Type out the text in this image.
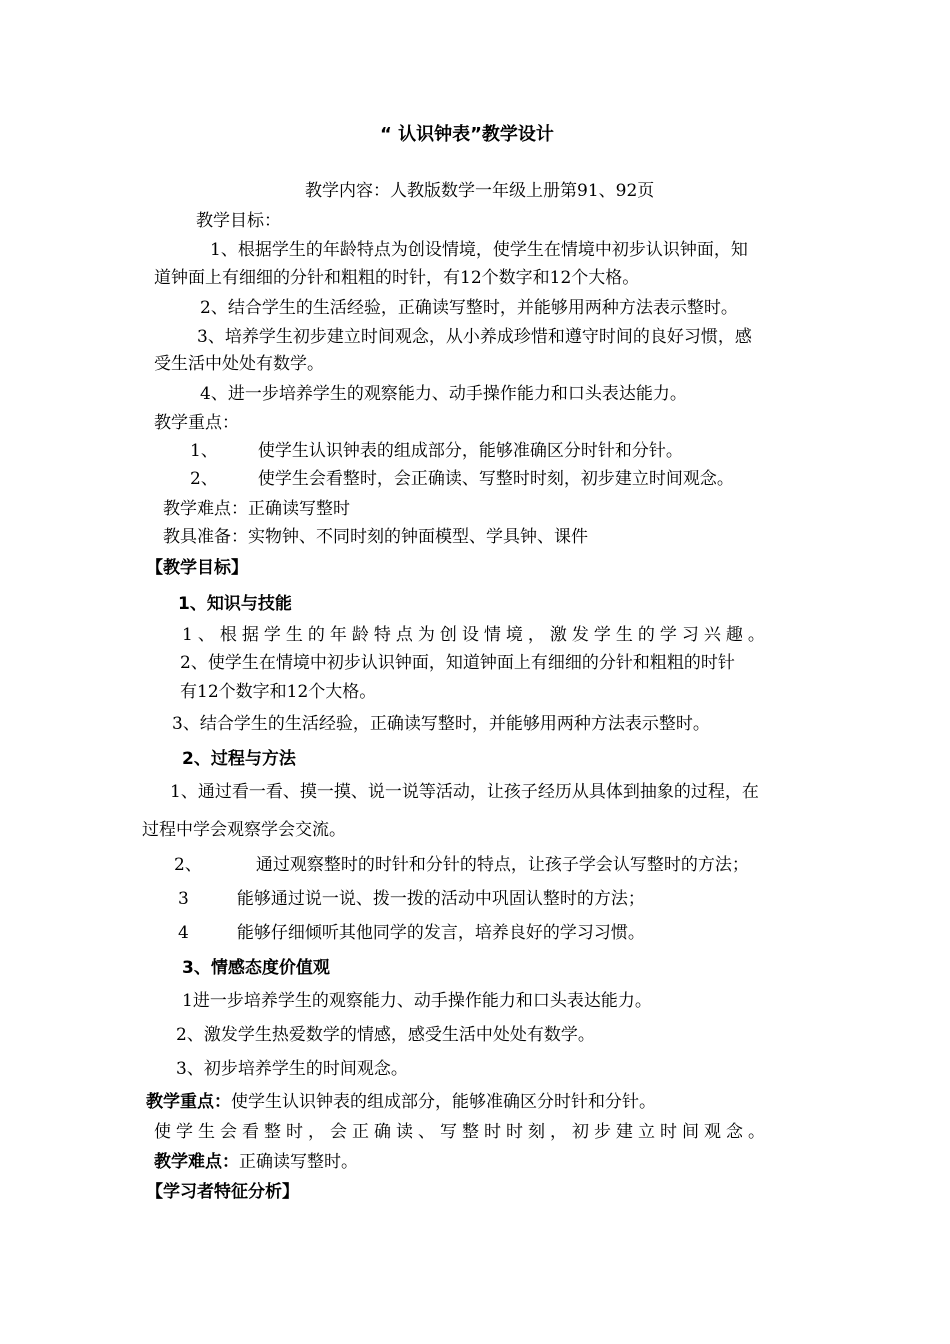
“ 认识钟表”教学设计
教学内容：人教版数学一年级上册第91、92页
教学目标：
1、根据学生的年龄特点为创设情境，使学生在情境中初步认识钟面，知
道钟面上有细细的分针和粗粗的时针，有12个数字和12个大格。
2、结合学生的生活经验，正确读写整时，并能够用两种方法表示整时。
3、培养学生初步建立时间观念，从小养成珍惜和遵守时间的良好习惯，感
受生活中处处有数学。
4、进一步培养学生的观察能力、动手操作能力和口头表达能力。
教学重点：
1、 使学生认识钟表的组成部分，能够准确区分时针和分针。
2、 使学生会看整时，会正确读、写整时时刻，初步建立时间观念。
教学难点：正确读写整时
教具准备：实物钟、不同时刻的钟面模型、学具钟、课件
【教学目标】
1、知识与技能
1、根据学生的年龄特点为创设情境，激发学生的学习兴趣。
2、使学生在情境中初步认识钟面，知道钟面上有细细的分针和粗粗的时针
有12个数字和12个大格。
3、结合学生的生活经验，正确读写整时，并能够用两种方法表示整时。
2、过程与方法
1、通过看一看、摸一摸、说一说等活动，让孩子经历从具体到抽象的过程，在
过程中学会观察学会交流。
2、	通过观察整时的时针和分针的特点，让孩子学会认写整时的方法；
3	能够通过说一说、拨一拨的活动中巩固认整时的方法；
4	能够仔细倾听其他同学的发言，培养良好的学习习惯。
3、情感态度价值观
1进一步培养学生的观察能力、动手操作能力和口头表达能力。
2、激发学生热爱数学的情感，感受生活中处处有数学。
3、初步培养学生的时间观念。
教学重点：使学生认识钟表的组成部分，能够准确区分时针和分针。
使学生会看整时，会正确读、写整时时刻，初步建立时间观念。
教学难点：正确读写整时。
【学习者特征分析】
